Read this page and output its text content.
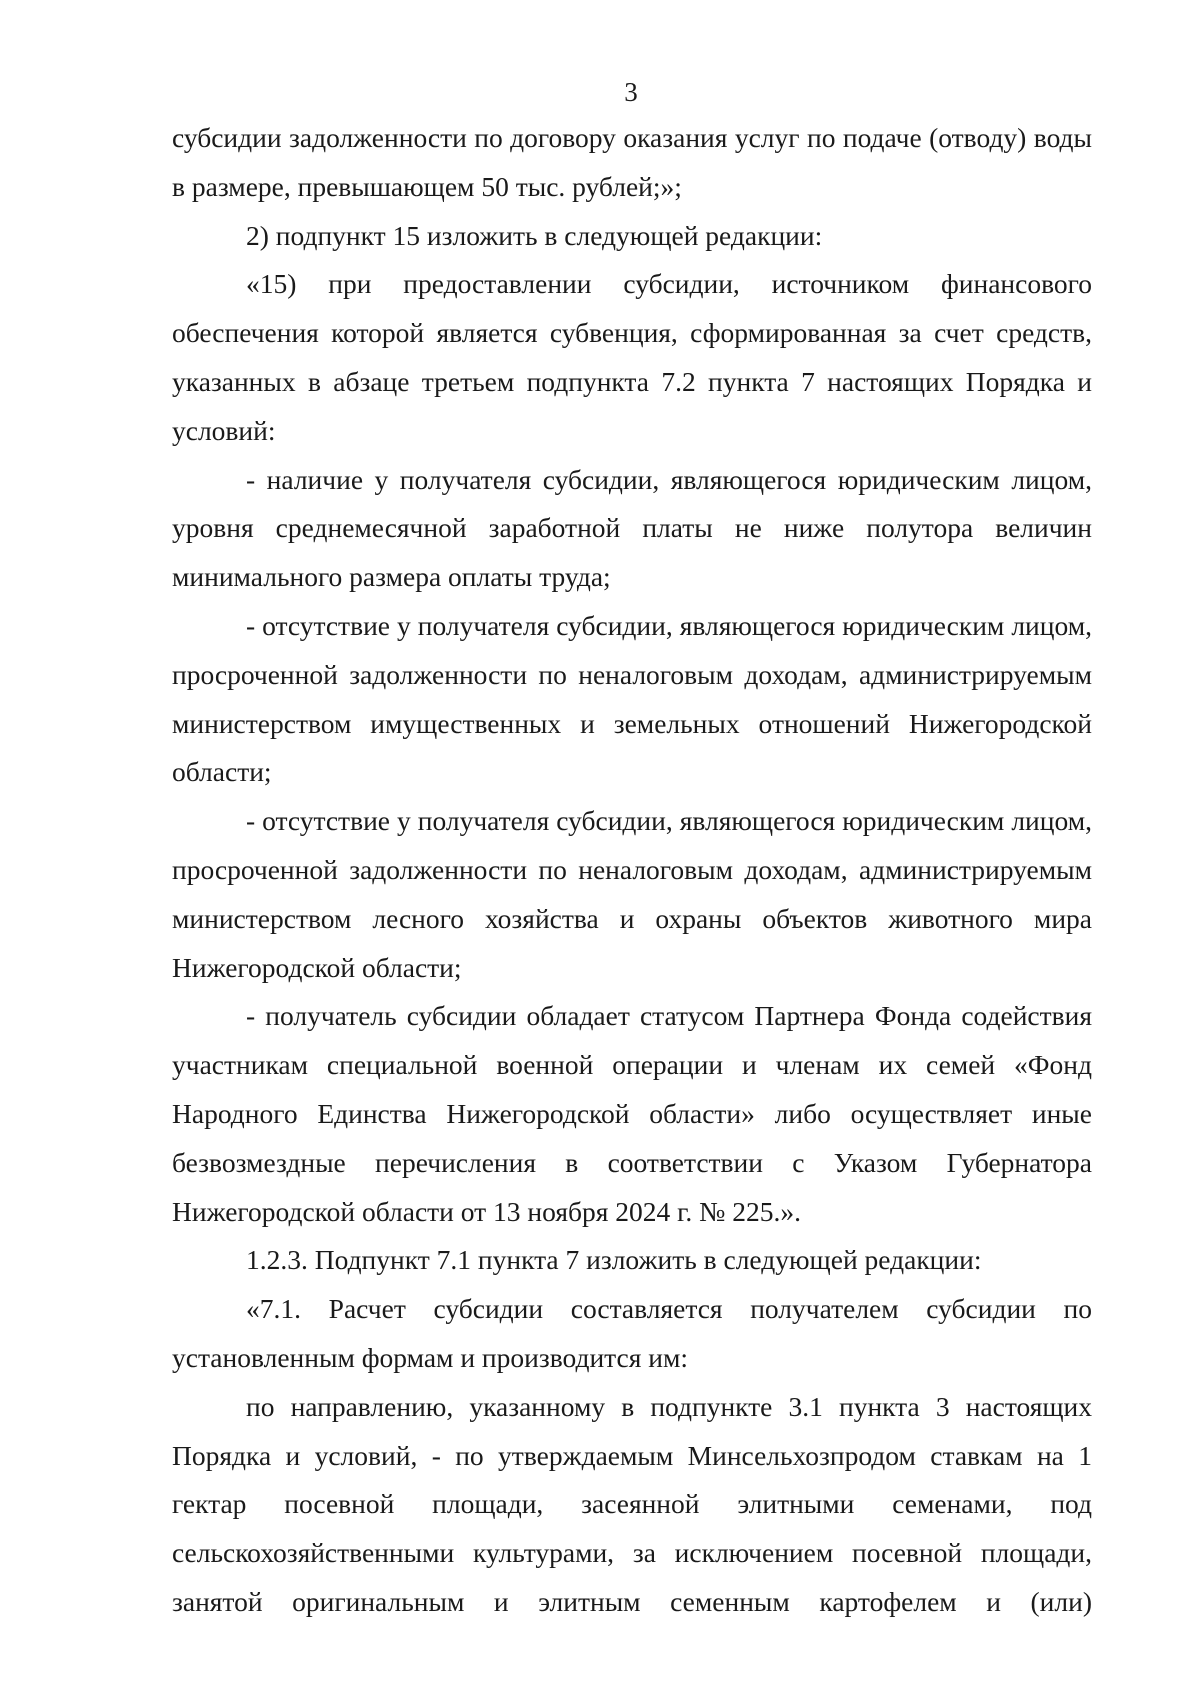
3

субсидии задолженности по договору оказания услуг по подаче (отводу) воды в размере, превышающем 50 тыс. рублей;»;

2) подпункт 15 изложить в следующей редакции:

«15) при предоставлении субсидии, источником финансового обеспечения которой является субвенция, сформированная за счет средств, указанных в абзаце третьем подпункта 7.2 пункта 7 настоящих Порядка и условий:

- наличие у получателя субсидии, являющегося юридическим лицом, уровня среднемесячной заработной платы не ниже полутора величин минимального размера оплаты труда;

- отсутствие у получателя субсидии, являющегося юридическим лицом, просроченной задолженности по неналоговым доходам, администрируемым министерством имущественных и земельных отношений Нижегородской области;

- отсутствие у получателя субсидии, являющегося юридическим лицом, просроченной задолженности по неналоговым доходам, администрируемым министерством лесного хозяйства и охраны объектов животного мира Нижегородской области;

- получатель субсидии обладает статусом Партнера Фонда содействия участникам специальной военной операции и членам их семей «Фонд Народного Единства Нижегородской области» либо осуществляет иные безвозмездные перечисления в соответствии с Указом Губернатора Нижегородской области от 13 ноября 2024 г. № 225.».

1.2.3. Подпункт 7.1 пункта 7 изложить в следующей редакции:

«7.1. Расчет субсидии составляется получателем субсидии по установленным формам и производится им:

по направлению, указанному в подпункте 3.1 пункта 3 настоящих Порядка и условий, - по утверждаемым Минсельхозпродом ставкам на 1 гектар посевной площади, засеянной элитными семенами, под сельскохозяйственными культурами, за исключением посевной площади, занятой оригинальным и элитным семенным картофелем и (или)
